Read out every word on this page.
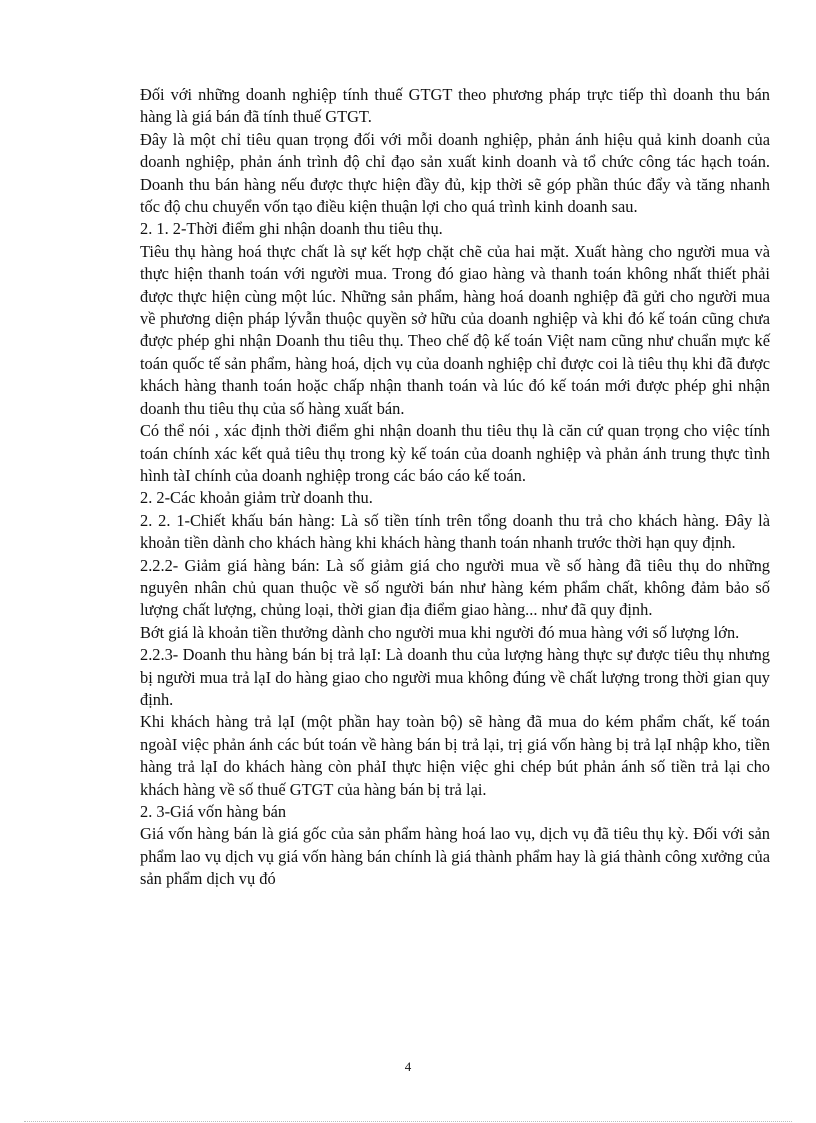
Đối với những doanh nghiệp tính thuế GTGT theo phương pháp trực tiếp thì doanh thu bán hàng là giá bán đã tính thuế GTGT.

Đây là một chỉ tiêu quan trọng đối với mỗi doanh nghiệp, phản ánh hiệu quả kinh doanh của doanh nghiệp, phản ánh trình độ chỉ đạo sản xuất kinh doanh và tổ chức công tác hạch toán. Doanh thu bán hàng nếu được thực hiện đầy đủ, kịp thời sẽ góp phần thúc đẩy và tăng nhanh tốc độ chu chuyển vốn tạo điều kiện thuận lợi cho quá trình kinh doanh sau.

2. 1. 2-Thời điểm ghi nhận doanh thu tiêu thụ.

Tiêu thụ hàng hoá thực chất là sự kết hợp chặt chẽ của hai mặt. Xuất hàng cho người mua và thực hiện thanh toán với người mua. Trong đó giao hàng và thanh toán không nhất thiết phải được thực hiện cùng một lúc. Những sản phẩm, hàng hoá doanh nghiệp đã gửi cho người mua về phương diện pháp lývẫn thuộc quyền sở hữu của doanh nghiệp và khi đó kế toán cũng chưa được phép ghi nhận Doanh thu tiêu thụ. Theo chế độ kế toán Việt nam cũng như chuẩn mực kế toán quốc tế sản phẩm, hàng hoá, dịch vụ của doanh nghiệp chỉ được coi là tiêu thụ khi đã được khách hàng thanh toán hoặc chấp nhận thanh toán và lúc đó kế toán mới được phép ghi nhận doanh thu tiêu thụ của số hàng xuất bán.

Có thể nói , xác định thời điểm ghi nhận doanh thu tiêu thụ là căn cứ quan trọng cho việc tính toán chính xác kết quả tiêu thụ trong kỳ kế toán của doanh nghiệp và phản ánh trung thực tình hình tàI chính của doanh nghiệp trong các báo cáo kế toán.

2. 2-Các khoản giảm trừ doanh thu.

2. 2. 1-Chiết khấu bán hàng: Là số tiền tính trên tổng doanh thu trả cho khách hàng. Đây là khoản tiền dành cho khách hàng khi khách hàng thanh toán nhanh trước thời hạn quy định.

2.2.2- Giảm giá hàng bán: Là số giảm giá cho người mua về số hàng đã tiêu thụ do những nguyên nhân chủ quan thuộc về số người bán như hàng kém phẩm chất, không đảm bảo số lượng chất lượng, chủng loại, thời gian địa điểm giao hàng... như đã quy định.

Bớt giá là khoản tiền thưởng dành cho người mua khi người đó mua hàng với số lượng lớn.

2.2.3- Doanh thu hàng bán bị trả lạI: Là doanh thu của lượng hàng thực sự được tiêu thụ nhưng bị người mua trả lạI do hàng giao cho người mua không đúng về chất lượng trong thời gian quy định.

Khi khách hàng trả lạI (một phần hay toàn bộ) sẽ hàng đã mua do kém phẩm chất, kế toán ngoàI việc phản ánh các bút toán về hàng bán bị trả lại, trị giá vốn hàng bị trả lạI nhập kho, tiền hàng trả lạI do khách hàng còn phảI thực hiện việc ghi chép bút phản ánh số tiền trả lại cho khách hàng về số thuế GTGT của hàng bán bị trả lại.

2. 3-Giá vốn hàng bán

Giá vốn hàng bán là giá gốc của sản phẩm hàng hoá lao vụ, dịch vụ đã tiêu thụ kỳ. Đối với sản phẩm lao vụ dịch vụ giá vốn hàng bán chính là giá thành phẩm hay là giá thành công xưởng của sản phẩm dịch vụ đó

4
